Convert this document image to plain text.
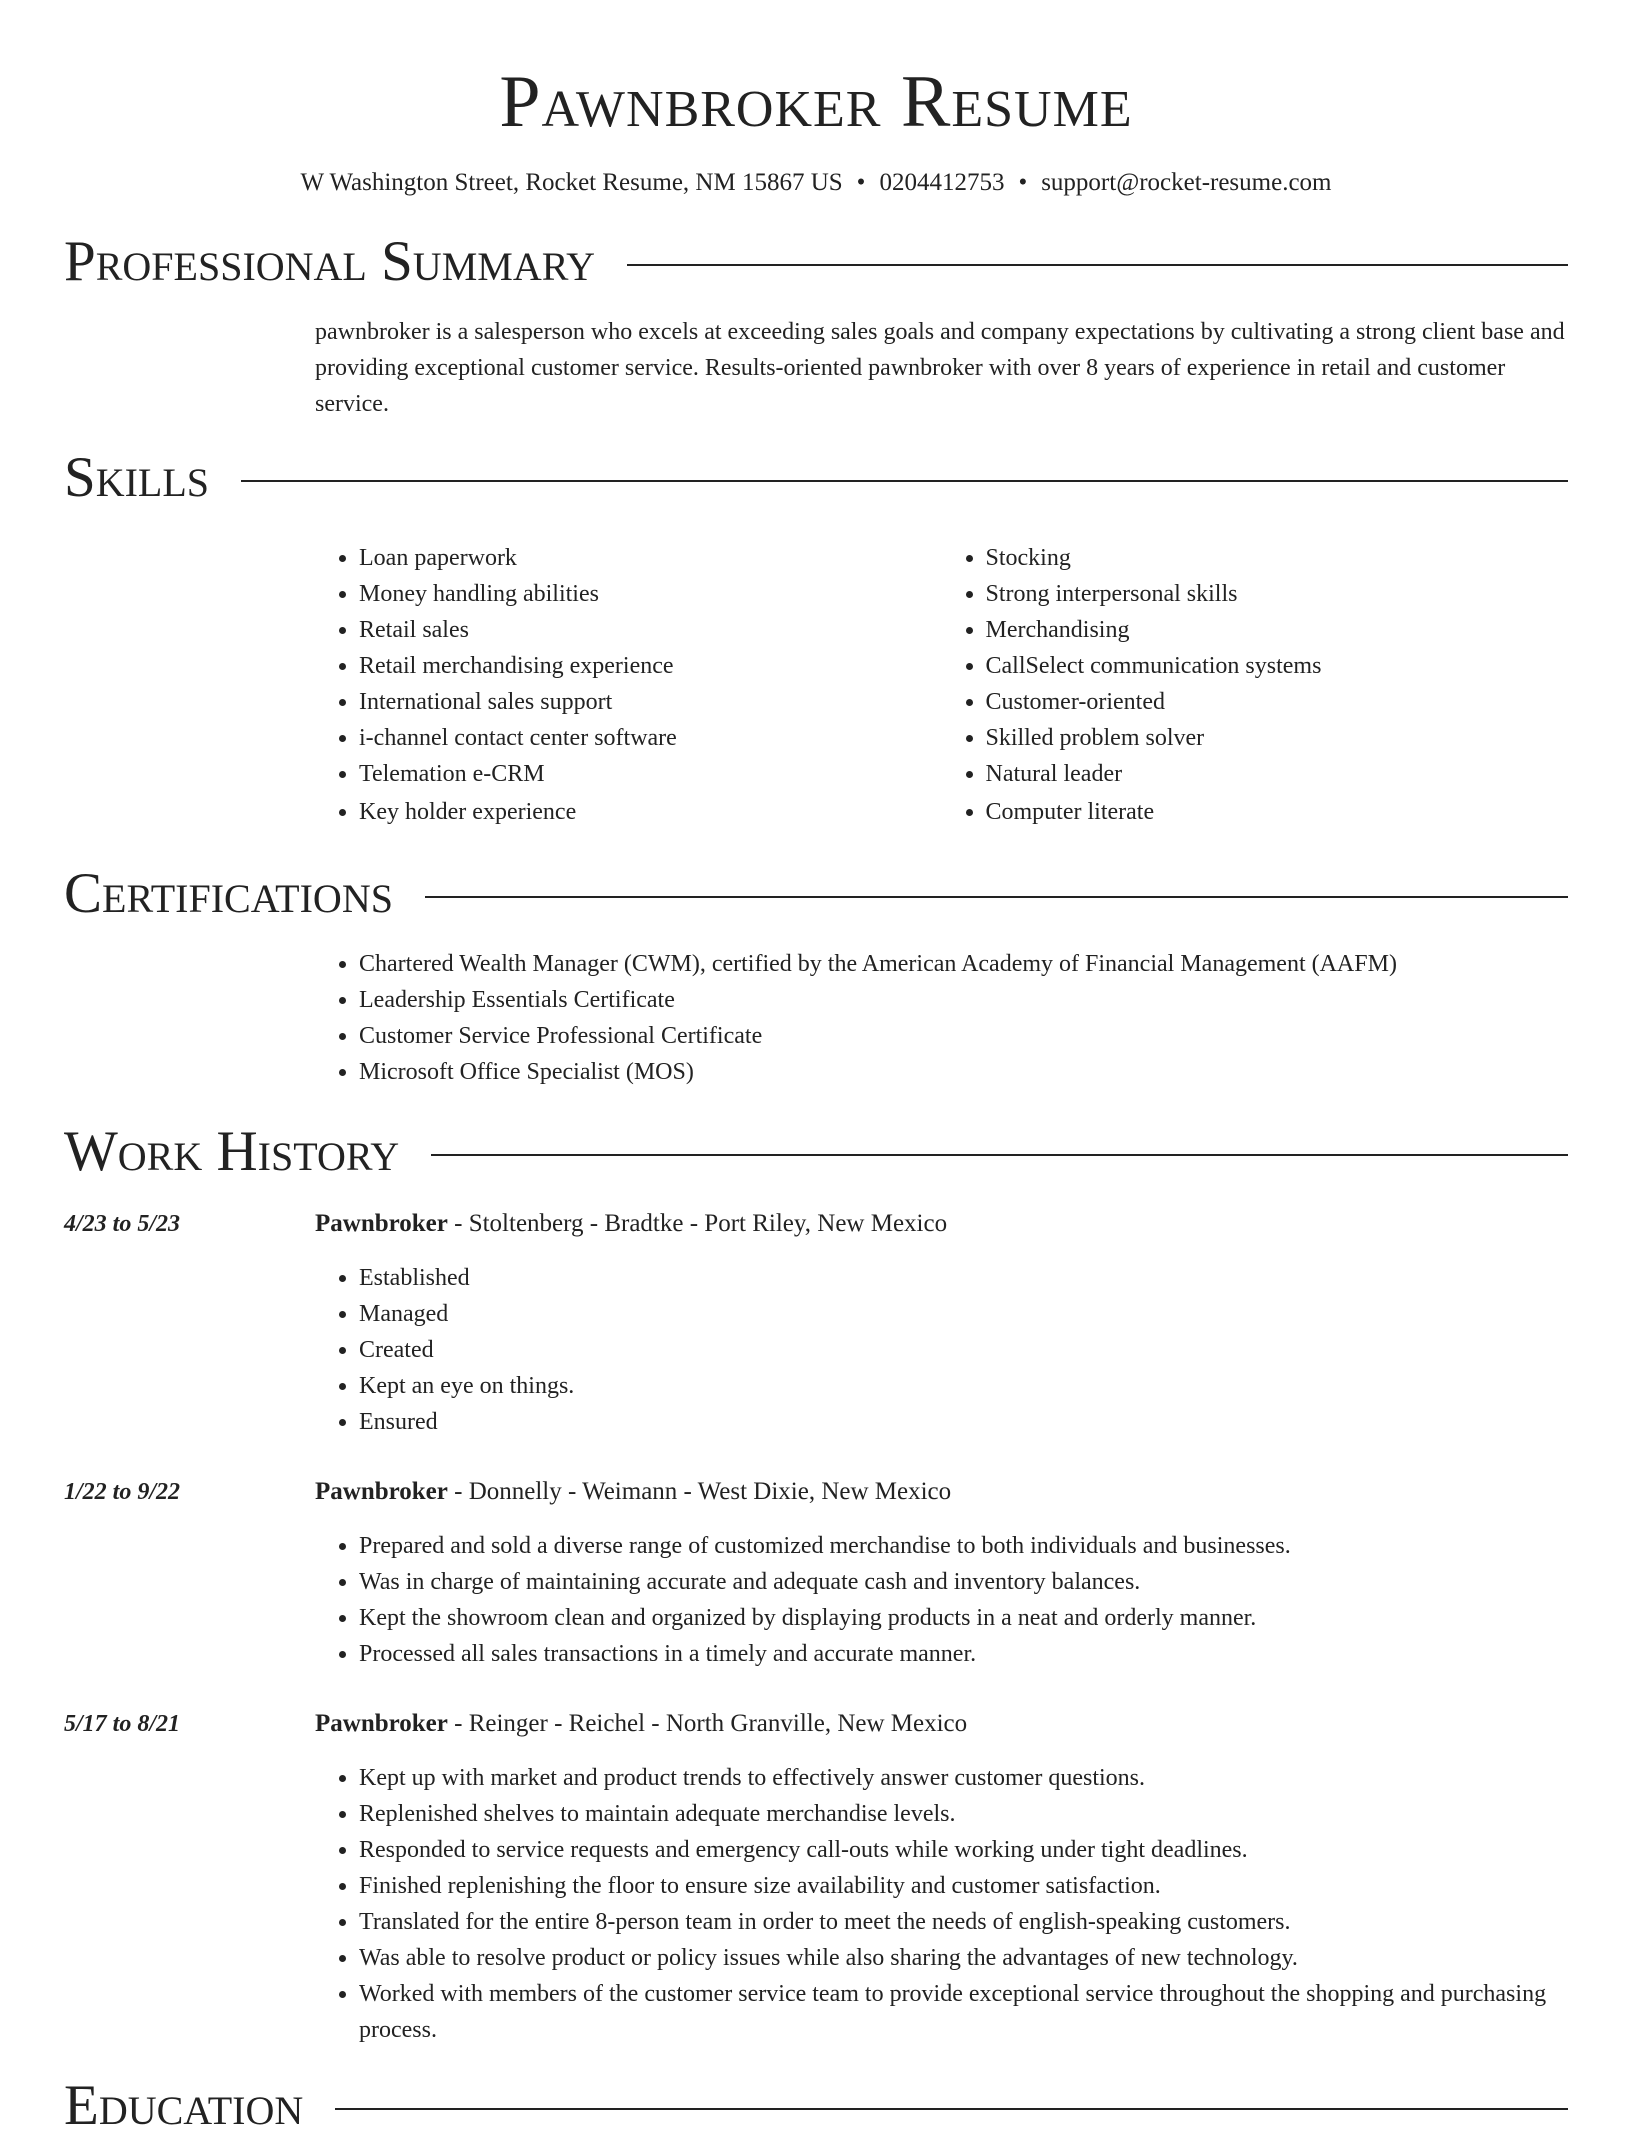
Pawnbroker Resume
W Washington Street, Rocket Resume, NM 15867 US • 0204412753 • support@rocket-resume.com
Professional Summary

pawnbroker is a salesperson who excels at exceeding sales goals and company expectations by cultivating a strong client base and providing exceptional customer service. Results-oriented pawnbroker with over 8 years of experience in retail and customer service.

Skills
• Loan paperwork
• Money handling abilities
• Retail sales
• Retail merchandising experience
• International sales support
• i-channel contact center software
• Telemation e-CRM
• Key holder experience
• Stocking
• Strong interpersonal skills
• Merchandising
• CallSelect communication systems
• Customer-oriented
• Skilled problem solver
• Natural leader
• Computer literate
Certifications
• Chartered Wealth Manager (CWM), certified by the American Academy of Financial Management (AAFM)
• Leadership Essentials Certificate
• Customer Service Professional Certificate
• Microsoft Office Specialist (MOS)
Work History
4/23 to 5/23	Pawnbroker - Stoltenberg - Bradtke - Port Riley, New Mexico
• Established
• Managed
• Created
• Kept an eye on things.
• Ensured
1/22 to 9/22	Pawnbroker - Donnelly - Weimann - West Dixie, New Mexico
• Prepared and sold a diverse range of customized merchandise to both individuals and businesses.
• Was in charge of maintaining accurate and adequate cash and inventory balances.
• Kept the showroom clean and organized by displaying products in a neat and orderly manner.
• Processed all sales transactions in a timely and accurate manner.
5/17 to 8/21	Pawnbroker - Reinger - Reichel - North Granville, New Mexico
• Kept up with market and product trends to effectively answer customer questions.
• Replenished shelves to maintain adequate merchandise levels.
• Responded to service requests and emergency call-outs while working under tight deadlines.
• Finished replenishing the floor to ensure size availability and customer satisfaction.
• Translated for the entire 8-person team in order to meet the needs of english-speaking customers.
• Was able to resolve product or policy issues while also sharing the advantages of new technology.
• Worked with members of the customer service team to provide exceptional service throughout the shopping and purchasing process.
Education
